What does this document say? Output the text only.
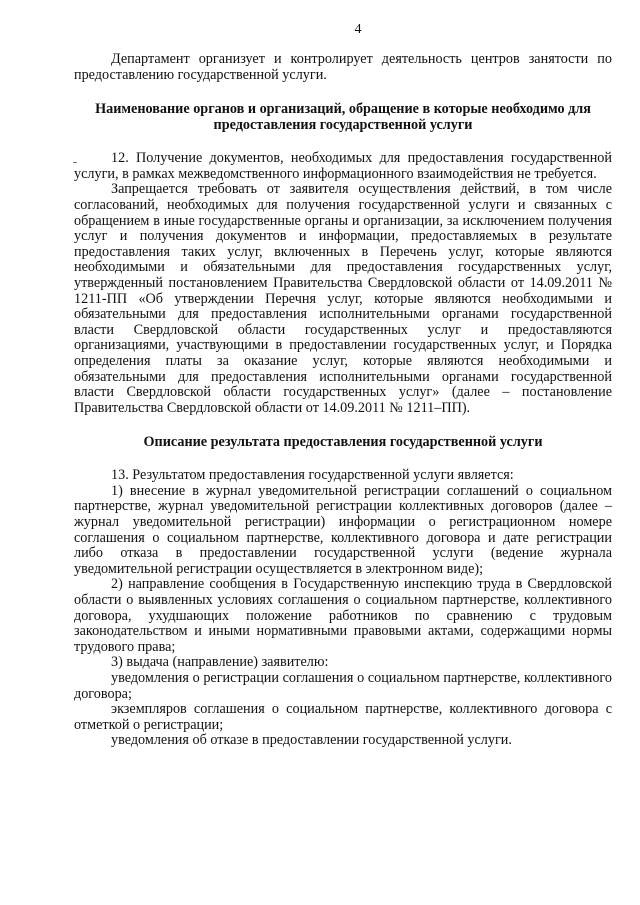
4

Департамент организует и контролирует деятельность центров занятости по предоставлению государственной услуги.

Наименование органов и организаций, обращение в которые необходимо для предоставления государственной услуги

12. Получение документов, необходимых для предоставления государственной услуги, в рамках межведомственного информационного взаимодействия не требуется.

Запрещается требовать от заявителя осуществления действий, в том числе согласований, необходимых для получения государственной услуги и связанных с обращением в иные государственные органы и организации, за исключением получения услуг и получения документов и информации, предоставляемых в результате предоставления таких услуг, включенных в Перечень услуг, которые являются необходимыми и обязательными для предоставления государственных услуг, утвержденный постановлением Правительства Свердловской области от 14.09.2011 № 1211-ПП «Об утверждении Перечня услуг, которые являются необходимыми и обязательными для предоставления исполнительными органами государственной власти Свердловской области государственных услуг и предоставляются организациями, участвующими в предоставлении государственных услуг, и Порядка определения платы за оказание услуг, которые являются необходимыми и обязательными для предоставления исполнительными органами государственной власти Свердловской области государственных услуг» (далее – постановление Правительства Свердловской области от 14.09.2011 № 1211–ПП).

Описание результата предоставления государственной услуги

13. Результатом предоставления государственной услуги является:

1) внесение в журнал уведомительной регистрации соглашений о социальном партнерстве, журнал уведомительной регистрации коллективных договоров (далее – журнал уведомительной регистрации) информации о регистрационном номере соглашения о социальном партнерстве, коллективного договора и дате регистрации либо отказа в предоставлении государственной услуги (ведение журнала уведомительной регистрации осуществляется в электронном виде);

2) направление сообщения в Государственную инспекцию труда в Свердловской области о выявленных условиях соглашения о социальном партнерстве, коллективного договора, ухудшающих положение работников по сравнению с трудовым законодательством и иными нормативными правовыми актами, содержащими нормы трудового права;

3) выдача (направление) заявителю:

уведомления о регистрации соглашения о социальном партнерстве, коллективного договора;

экземпляров соглашения о социальном партнерстве, коллективного договора с отметкой о регистрации;

уведомления об отказе в предоставлении государственной услуги.
